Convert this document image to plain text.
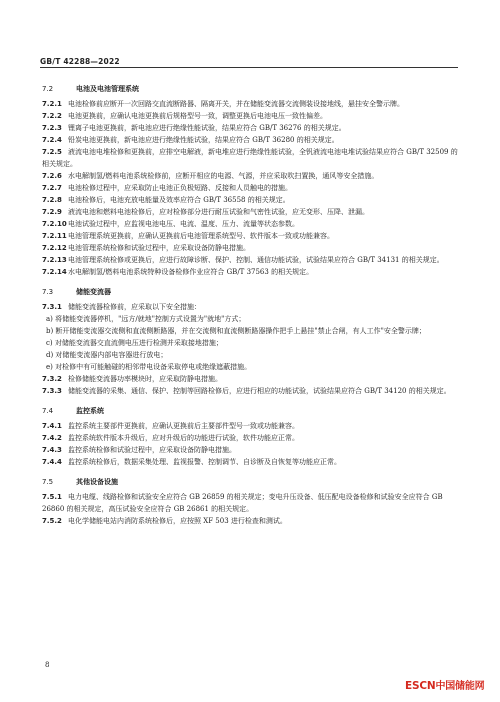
GB/T 42288—2022
7.2	电池及电池管理系统

7.2.1 电池检修前应断开一次回路交直流断路器、隔离开关，并在储能变流器交流侧装设接地线，悬挂安全警示牌。

7.2.2 电池更换前，应确认电池更换前后规格型号一致，调整更换后电池电压一致性偏差。

7.2.3 锂离子电池更换前，新电池应进行绝缘性能试验，结果应符合 GB/T 36276 的相关规定。

7.2.4 铅炭电池更换前，新电池应进行绝缘性能试验，结果应符合 GB/T 36280 的相关规定。

7.2.5 液流电池电堆检修和更换前，应排空电解液，新电堆应进行绝缘性能试验，全钒液流电池电堆试验结果应符合 GB/T 32509 的相关规定。

7.2.6 水电解制氢/燃料电池系统检修前，应断开相应的电源、气源，并应采取吹扫置换，通风等安全措施。

7.2.7 电池检修过程中，应采取防止电池正负极短路、反接和人员触电的措施。

7.2.8 电池检修后，电池充放电能量及效率应符合 GB/T 36558 的相关规定。

7.2.9 液流电池和燃料电池检修后，应对检修部分进行耐压试验和气密性试验，应无变形、压降、泄漏。

7.2.10电池试验过程中，应监视电池电压、电流、温度、压力、流量等状态参数。

7.2.11电池管理系统更换前，应确认更换前后电池管理系统型号、软件版本一致或功能兼容。

7.2.12电池管理系统检修和试验过程中，应采取设备防静电措施。

7.2.13电池管理系统检修或更换后，应进行故障诊断、保护、控制、通信功能试验，试验结果应符合 GB/T 34131 的相关规定。

7.2.14水电解制氢/燃料电池系统特种设备检修作业应符合 GB/T 37563 的相关规定。

7.3	储能变流器

7.3.1 储能变流器检修前，应采取以下安全措施：

a) 将储能变流器停机，"远方/就地"控制方式设置为"就地"方式；

b) 断开储能变流器交流侧和直流侧断路器，并在交流侧和直流侧断路器操作把手上悬挂"禁止合闸，有人工作"安全警示牌；

c) 对储能变流器交直流侧电压进行检测并采取接地措施；

d) 对储能变流器内部电容器进行放电；

e) 对检修中有可能触碰的相邻带电设备采取停电或绝缘遮蔽措施。

7.3.2 检修储能变流器功率模块时，应采取防静电措施。

7.3.3 储能变流器的采集、通信、保护、控制等回路检修后，应进行相应的功能试验，试验结果应符合 GB/T 34120 的相关规定。

7.4	监控系统

7.4.1 监控系统主要部件更换前，应确认更换前后主要部件型号一致或功能兼容。

7.4.2 监控系统软件版本升级后，应对升级后的功能进行试验，软件功能应正常。

7.4.3 监控系统检修和试验过程中，应采取设备防静电措施。

7.4.4 监控系统检修后，数据采集处理、监视报警、控制调节、自诊断及自恢复等功能应正常。

7.5	其他设备设施

7.5.1 电力电缆、线路检修和试验安全应符合 GB 26859 的相关规定；变电升压设备、低压配电设备检修和试验安全应符合 GB 26860 的相关规定，高压试验安全应符合 GB 26861 的相关规定。

7.5.2 电化学储能电站内消防系统检修后，应按照 XF 503 进行检查和测试。

8
ESCN中国储能网
